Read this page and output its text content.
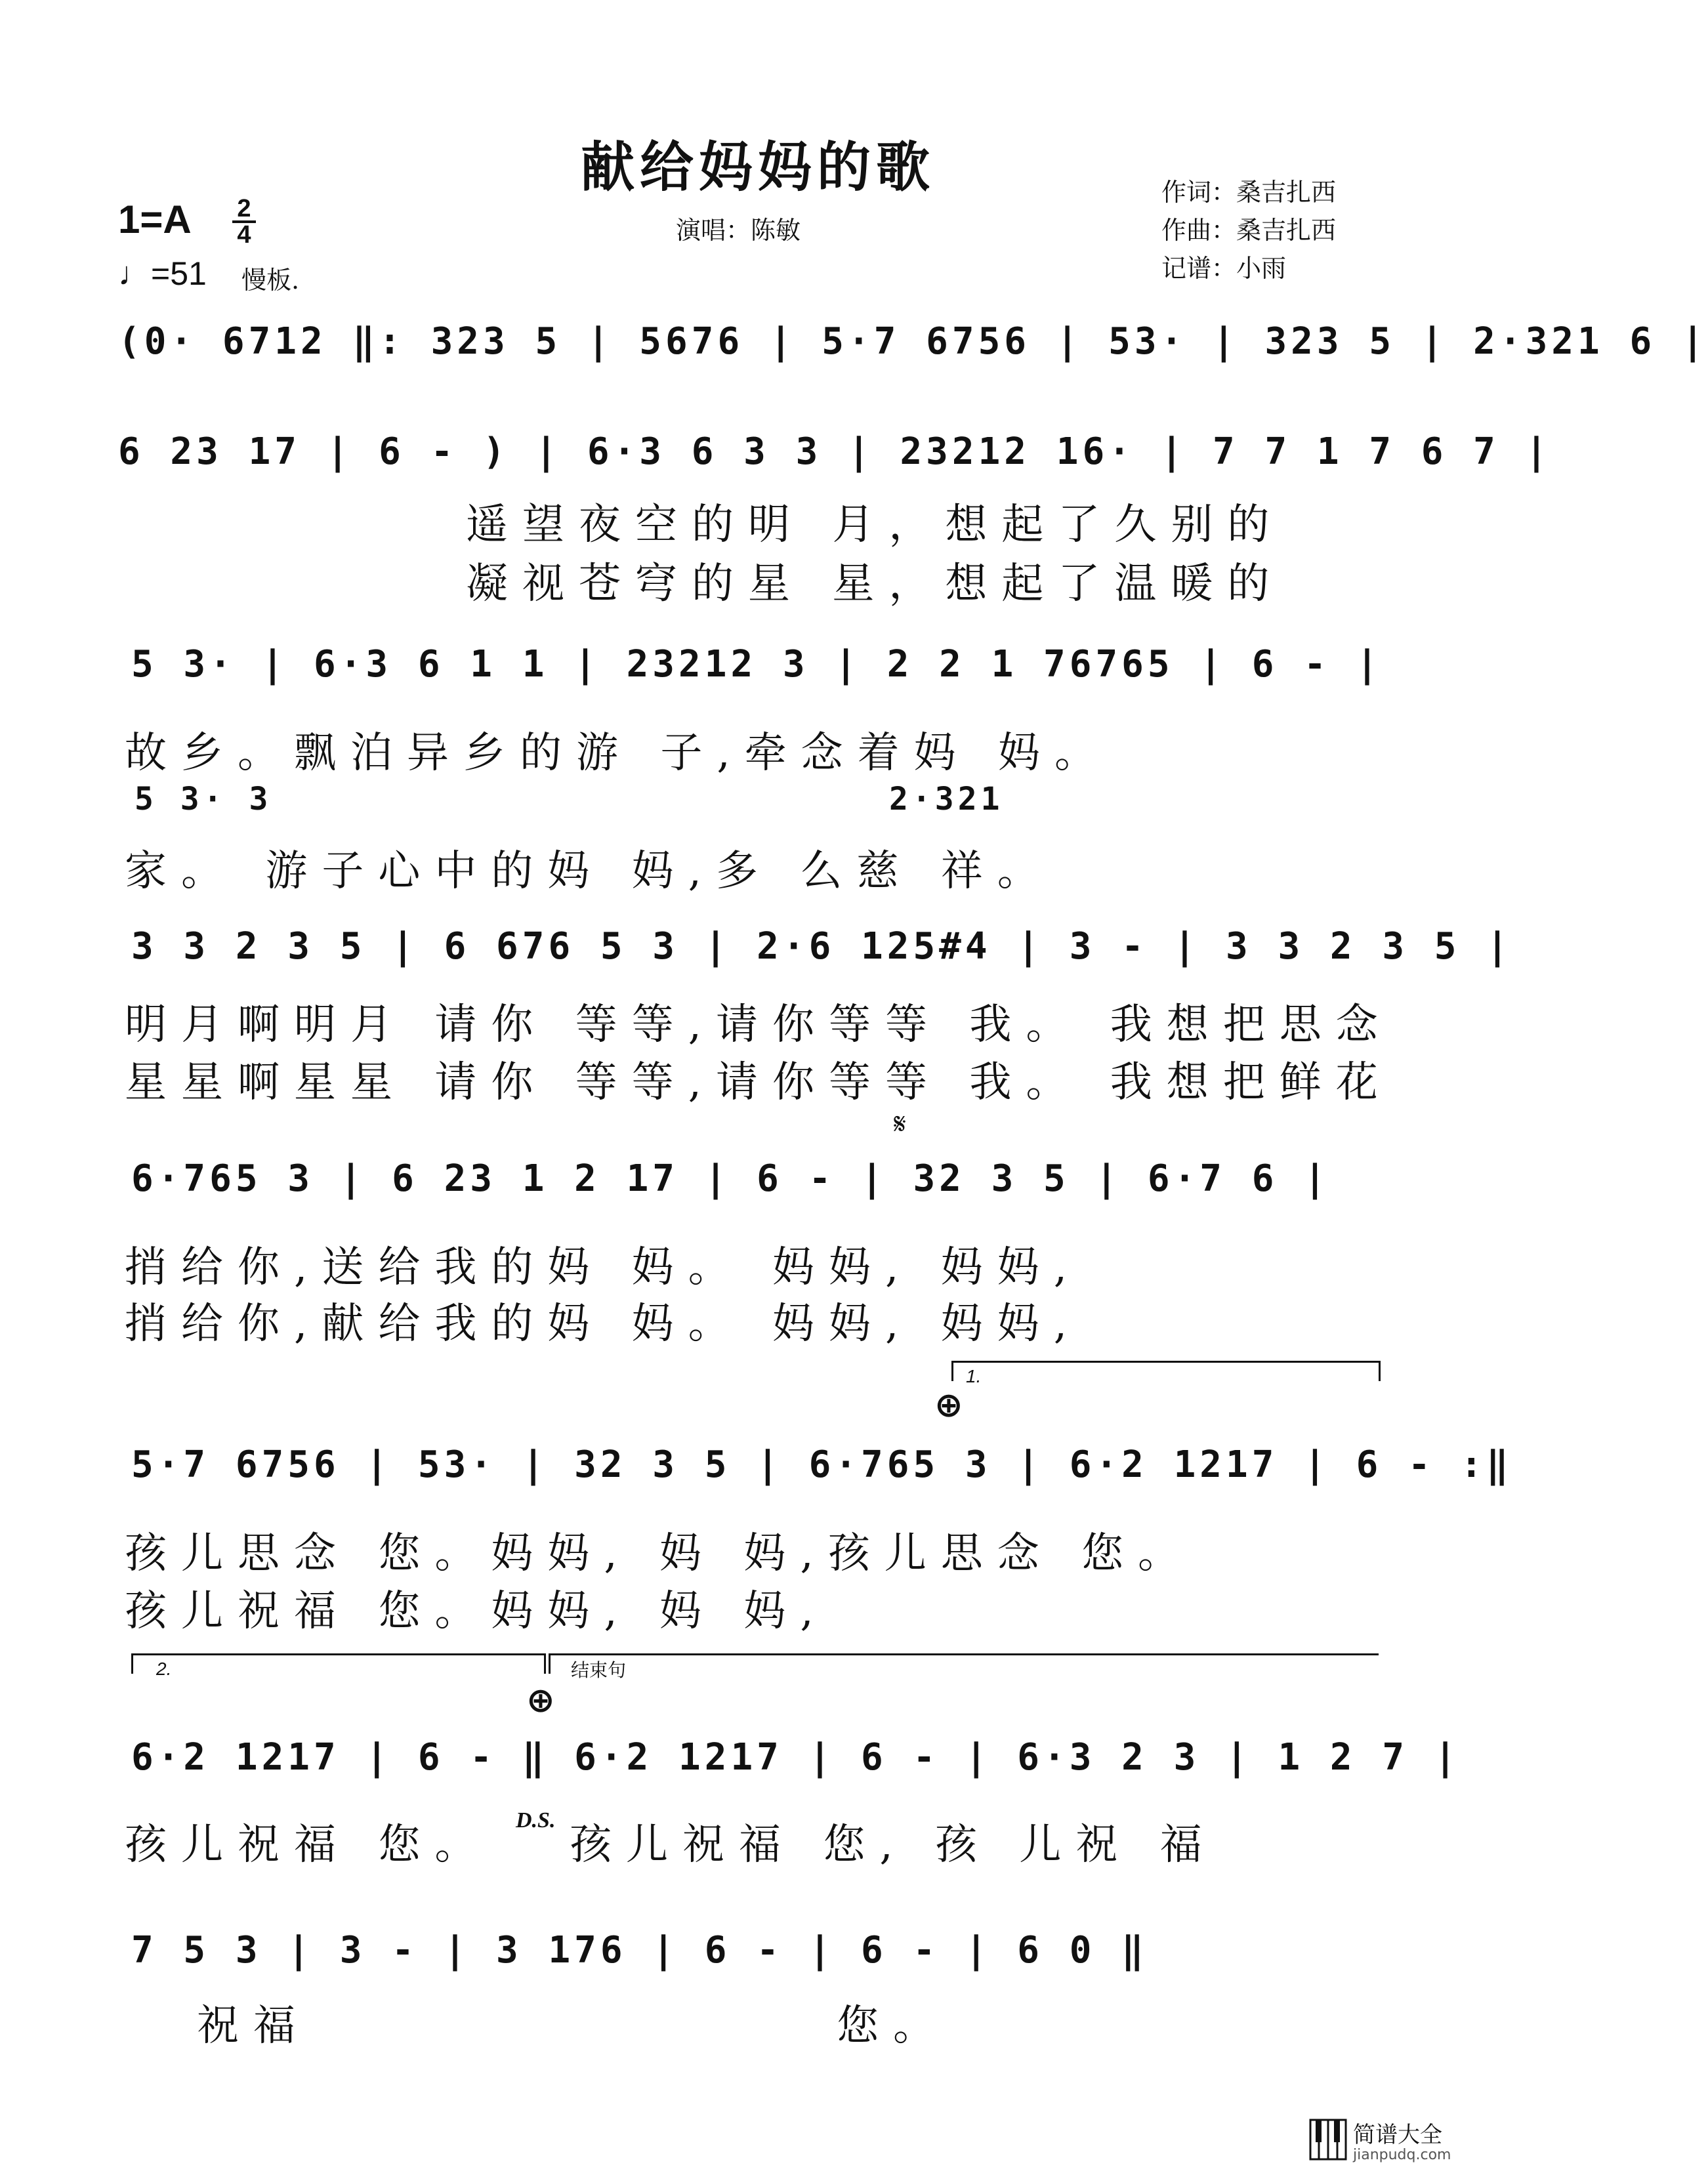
献给妈妈的歌
1=A 2
4
♩=51 慢板.
演唱：陈敏
作词：桑吉扎西
作曲：桑吉扎西
记谱：小雨
(0· 6712 ‖: 323 5 | 5676 | 5·7 6756 | 53· | 323 5 | 2·321 6 |
6 23 17 | 6 - ) | 6·3 6 3 3 | 23212 16· | 7 7 1 7 6 7 |
遥望夜空的明 月，想起了久别的
凝视苍穹的星 星，想起了温暖的
5 3· | 6·3 6 1 1 | 23212 3 | 2 2 1 76765 | 6 - |
故乡。飘泊异乡的游 子,牵念着妈 妈。
5 3· 3	2·321
家。 游子心中的妈 妈,多 么慈 祥。
3 3 2 3 5 | 6 676 5 3 | 2·6 125#4 | 3 - | 3 3 2 3 5 |
明月啊明月 请你 等等,请你等等 我。 我想把思念
星星啊星星 请你 等等,请你等等 我。 我想把鲜花
𝄋
6·765 3 | 6 23 1 2 17 | 6 - | 32 3 5 | 6·7 6 |
捎给你,送给我的妈 妈。 妈妈, 妈妈,
捎给你,献给我的妈 妈。 妈妈, 妈妈,
1.
⊕
5·7 6756 | 53· | 32 3 5 | 6·765 3 | 6·2 1217 | 6 - :‖
孩儿思念 您。妈妈, 妈 妈,孩儿思念 您。
孩儿祝福 您。妈妈, 妈 妈,
2.	结束句
⊕
6·2 1217 | 6 - ‖ 6·2 1217 | 6 - | 6·3 2 3 | 1 2 7 |
孩儿祝福 您。
D.S.
孩儿祝福 您, 孩 儿祝 福
7 5 3 | 3 - | 3 176 | 6 - | 6 - | 6 0 ‖
祝福	您。
简谱大全
jianpudq.com
